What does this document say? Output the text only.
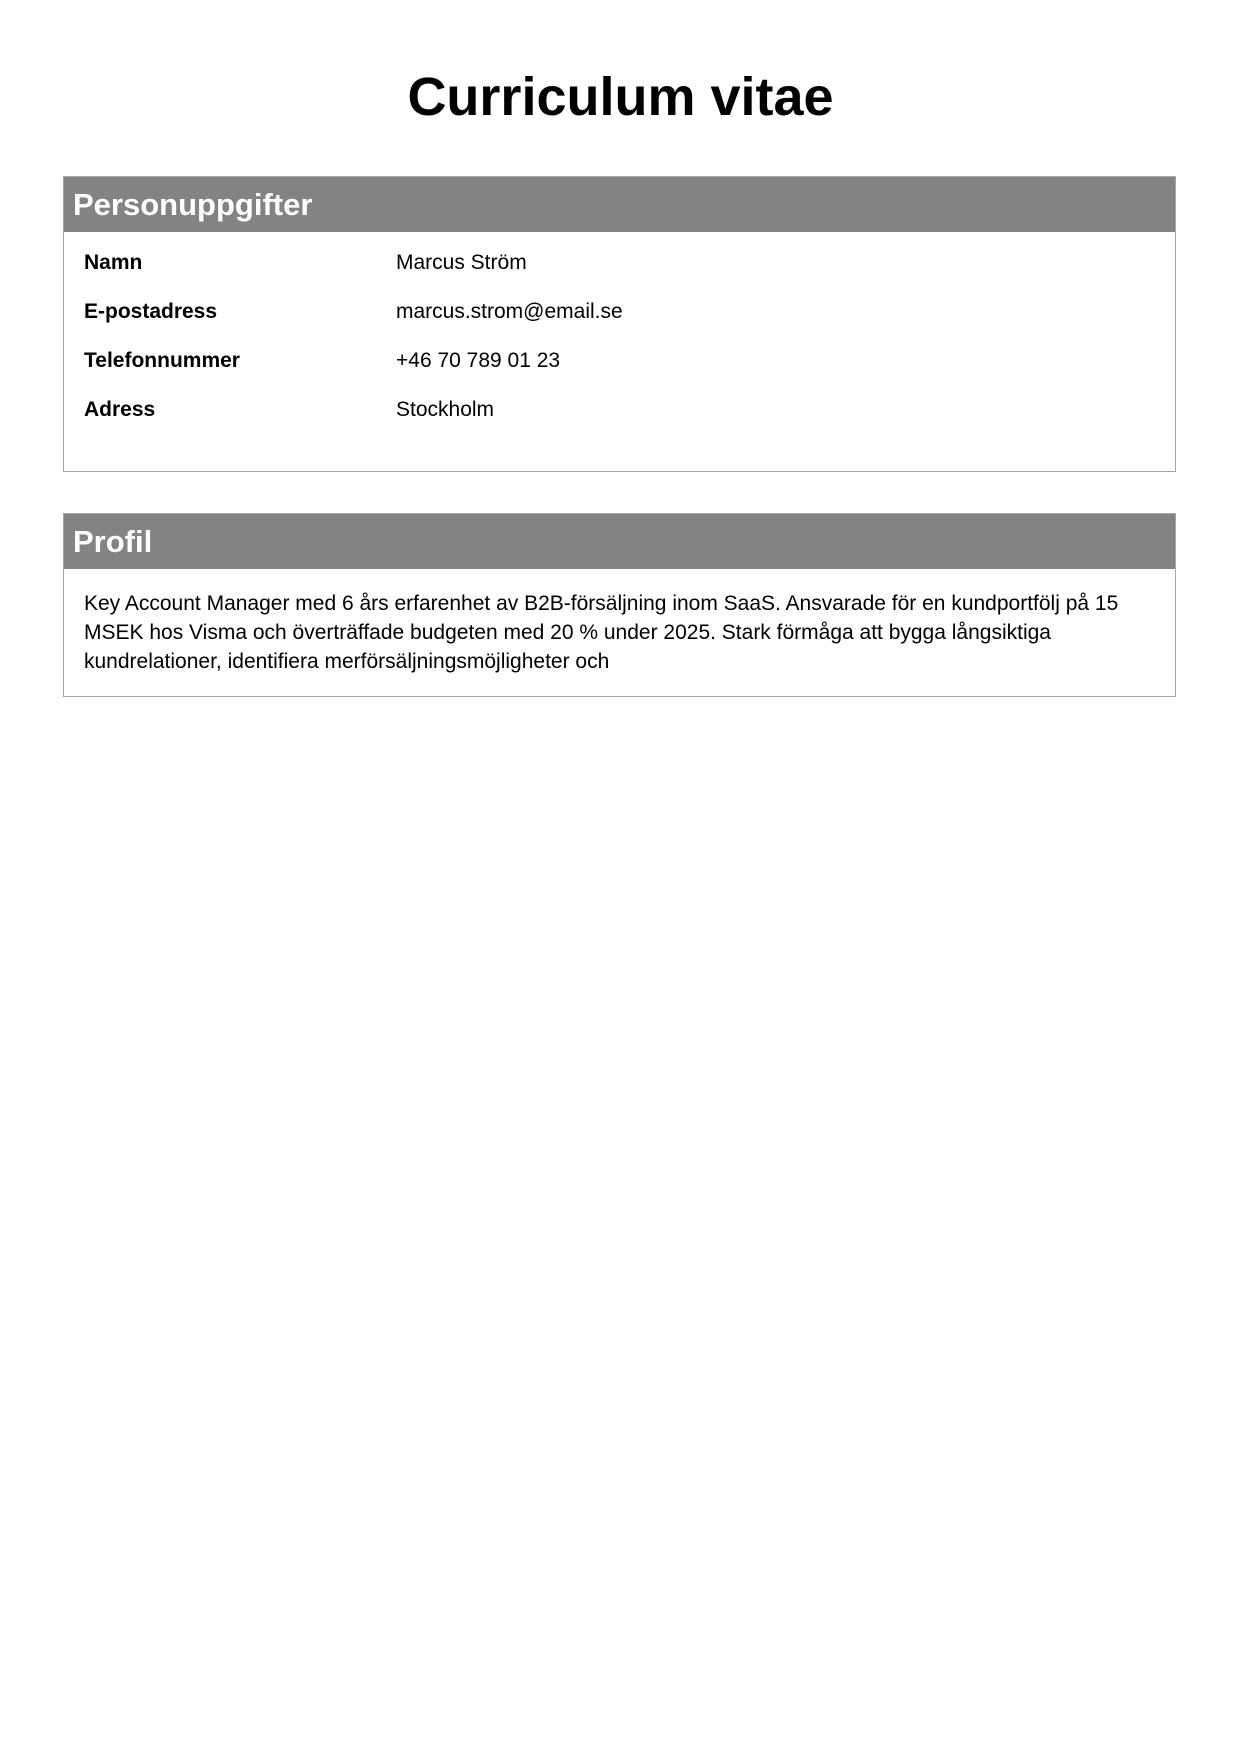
Curriculum vitae
Personuppgifter
Namn	Marcus Ström
E-postadress	marcus.strom@email.se
Telefonnummer	+46 70 789 01 23
Adress	Stockholm
Profil

Key Account Manager med 6 års erfarenhet av B2B-försäljning inom SaaS. Ansvarade för en kundportfölj på 15 MSEK hos Visma och överträffade budgeten med 20 % under 2025. Stark förmåga att bygga långsiktiga kundrelationer, identifiera merförsäljningsmöjligheter och
